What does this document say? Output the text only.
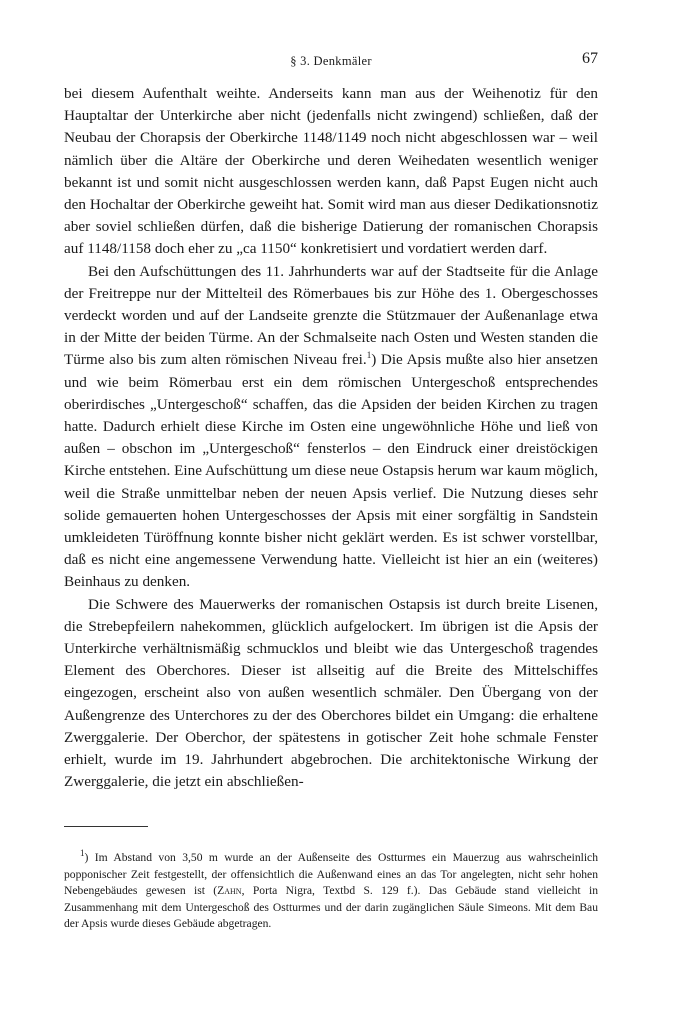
§ 3. Denkmäler	67

bei diesem Aufenthalt weihte. Anderseits kann man aus der Weihenotiz für den Hauptaltar der Unterkirche aber nicht (jedenfalls nicht zwingend) schließen, daß der Neubau der Chorapsis der Oberkirche 1148/1149 noch nicht abgeschlossen war – weil nämlich über die Altäre der Oberkirche und deren Weihedaten wesentlich weniger bekannt ist und somit nicht ausgeschlossen werden kann, daß Papst Eugen nicht auch den Hochaltar der Oberkirche geweiht hat. Somit wird man aus dieser Dedikationsnotiz aber soviel schließen dürfen, daß die bisherige Datierung der romanischen Chorapsis auf 1148/1158 doch eher zu „ca 1150“ konkretisiert und vordatiert werden darf.

Bei den Aufschüttungen des 11. Jahrhunderts war auf der Stadtseite für die Anlage der Freitreppe nur der Mittelteil des Römerbaues bis zur Höhe des 1. Obergeschosses verdeckt worden und auf der Landseite grenzte die Stützmauer der Außenanlage etwa in der Mitte der beiden Türme. An der Schmalseite nach Osten und Westen standen die Türme also bis zum alten römischen Niveau frei.$^1$) Die Apsis mußte also hier ansetzen und wie beim Römerbau erst ein dem römischen Untergeschoß entsprechendes oberirdisches „Untergeschoß“ schaffen, das die Apsiden der beiden Kirchen zu tragen hatte. Dadurch erhielt diese Kirche im Osten eine ungewöhnliche Höhe und ließ von außen – obschon im „Untergeschoß“ fensterlos – den Eindruck einer dreistöckigen Kirche entstehen. Eine Aufschüttung um diese neue Ostapsis herum war kaum möglich, weil die Straße unmittelbar neben der neuen Apsis verlief. Die Nutzung dieses sehr solide gemauerten hohen Untergeschosses der Apsis mit einer sorgfältig in Sandstein umkleideten Türöffnung konnte bisher nicht geklärt werden. Es ist schwer vorstellbar, daß es nicht eine angemessene Verwendung hatte. Vielleicht ist hier an ein (weiteres) Beinhaus zu denken.

Die Schwere des Mauerwerks der romanischen Ostapsis ist durch breite Lisenen, die Strebepfeilern nahekommen, glücklich aufgelockert. Im übrigen ist die Apsis der Unterkirche verhältnismäßig schmucklos und bleibt wie das Untergeschoß tragendes Element des Oberchores. Dieser ist allseitig auf die Breite des Mittelschiffes eingezogen, erscheint also von außen wesentlich schmäler. Den Übergang von der Außengrenze des Unterchores zu der des Oberchores bildet ein Umgang: die erhaltene Zwerggalerie. Der Oberchor, der spätestens in gotischer Zeit hohe schmale Fenster erhielt, wurde im 19. Jahrhundert abgebrochen. Die architektonische Wirkung der Zwerggalerie, die jetzt ein abschließen-

$^1$) Im Abstand von 3,50 m wurde an der Außenseite des Ostturmes ein Mauerzug aus wahrscheinlich popponischer Zeit festgestellt, der offensichtlich die Außenwand eines an das Tor angelegten, nicht sehr hohen Nebengebäudes gewesen ist (Zahn, Porta Nigra, Textbd S. 129 f.). Das Gebäude stand vielleicht in Zusammenhang mit dem Untergeschoß des Ostturmes und der darin zugänglichen Säule Simeons. Mit dem Bau der Apsis wurde dieses Gebäude abgetragen.
